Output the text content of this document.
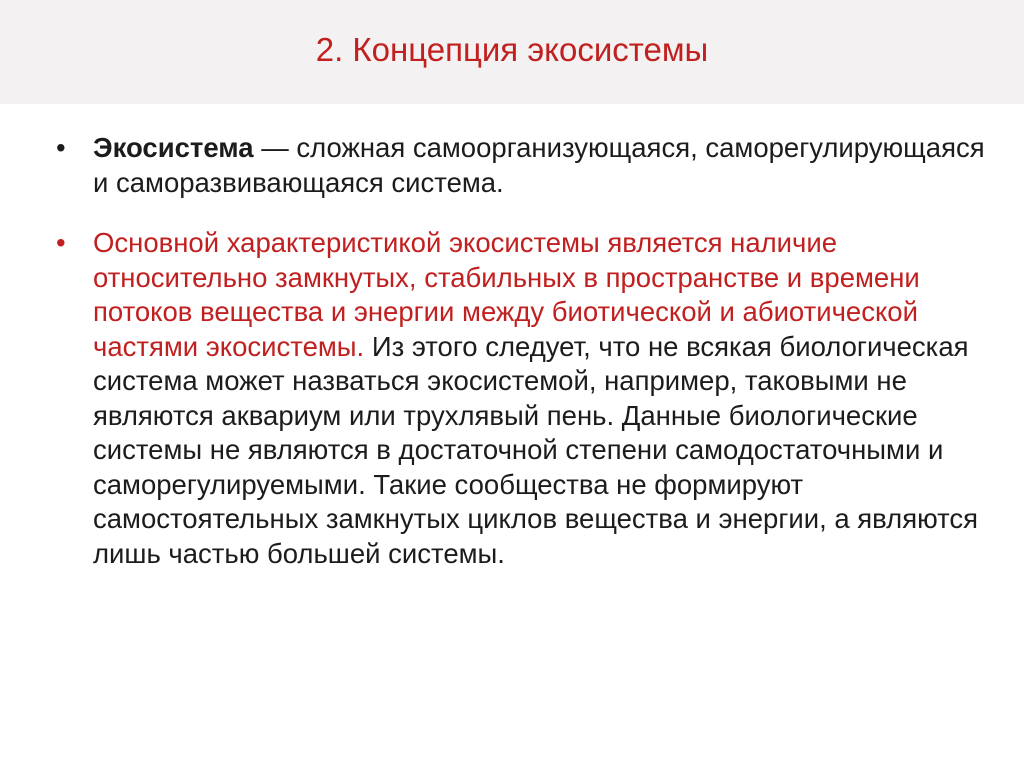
2. Концепция экосистемы
• Экосистема — сложная самоорганизующаяся, саморегулирующаяся и саморазвивающаяся система.
• Основной характеристикой экосистемы является наличие относительно замкнутых, стабильных в пространстве и времени потоков вещества и энергии между биотической и абиотической частями экосистемы. Из этого следует, что не всякая биологическая система может назваться экосистемой, например, таковыми не являются аквариум или трухлявый пень. Данные биологические системы не являются в достаточной степени самодостаточными и саморегулируемыми. Такие сообщества не формируют самостоятельных замкнутых циклов вещества и энергии, а являются лишь частью большей системы.
